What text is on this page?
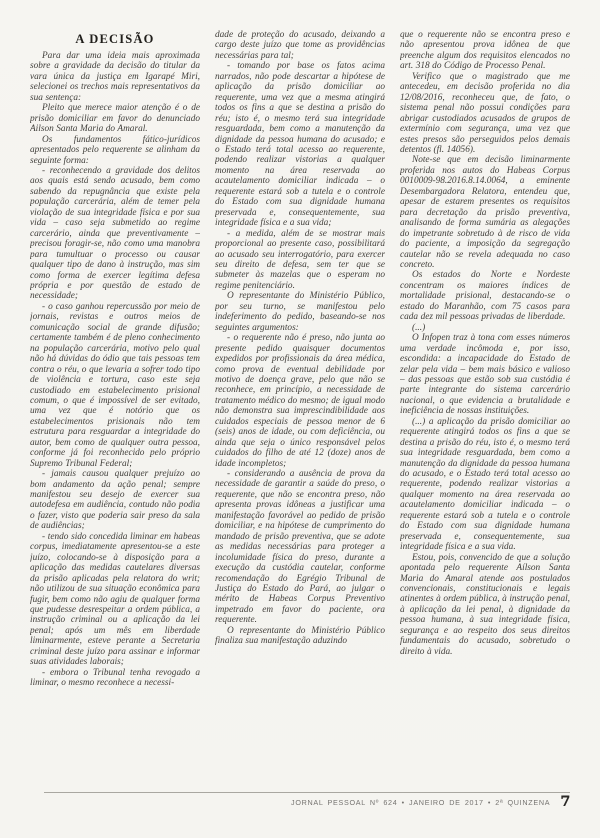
A DECISÃO

Para dar uma ideia mais aproximada sobre a gravidade da decisão do titular da vara única da justiça em Igarapé Miri, selecionei os trechos mais representativos da sua sentença:

Pleito que merece maior atenção é o de prisão domiciliar em favor do denunciado Ailson Santa Maria do Amaral.

Os fundamentos fático-jurídicos apresentados pelo requerente se alinham da seguinte forma:

- reconhecendo a gravidade dos delitos aos quais está sendo acusado, bem como sabendo da repugnância que existe pela população carcerária, além de temer pela violação de sua integridade física e por sua vida – caso seja submetido ao regime carcerário, ainda que preventivamente – precisou foragir-se, não como uma manobra para tumultuar o processo ou causar qualquer tipo de dano à instrução, mas sim como forma de exercer legítima defesa própria e por questão de estado de necessidade;

- o caso ganhou repercussão por meio de jornais, revistas e outros meios de comunicação social de grande difusão; certamente também é de pleno conhecimento na população carcerária, motivo pelo qual não há dúvidas do ódio que tais pessoas tem contra o réu, o que levaria a sofrer todo tipo de violência e tortura, caso este seja custodiado em estabelecimento prisional comum, o que é impossível de ser evitado, uma vez que é notório que os estabelecimentos prisionais não tem estrutura para resguardar a integridade do autor, bem como de qualquer outra pessoa, conforme já foi reconhecido pelo próprio Supremo Tribunal Federal;

- jamais causou qualquer prejuízo ao bom andamento da ação penal; sempre manifestou seu desejo de exercer sua autodefesa em audiência, contudo não podia o fazer, visto que poderia sair preso da sala de audiências;

- tendo sido concedida liminar em habeas corpus, imediatamente apresentou-se a este juízo, colocando-se à disposição para a aplicação das medidas cautelares diversas da prisão aplicadas pela relatora do writ; não utilizou de sua situação econômica para fugir, bem como não agiu de qualquer forma que pudesse desrespeitar a ordem pública, a instrução criminal ou a aplicação da lei penal; após um mês em liberdade liminarmente, esteve perante a Secretaria criminal deste juízo para assinar e informar suas atividades laborais;

- embora o Tribunal tenha revogado a liminar, o mesmo reconhece a necessi-

dade de proteção do acusado, deixando a cargo deste juízo que tome as providências necessárias para tal;

- tomando por base os fatos acima narrados, não pode descartar a hipótese de aplicação da prisão domiciliar ao requerente, uma vez que a mesma atingirá todos os fins a que se destina a prisão do réu; isto é, o mesmo terá sua integridade resguardada, bem como a manutenção da dignidade da pessoa humana do acusado; e o Estado terá total acesso ao requerente, podendo realizar vistorias a qualquer momento na área reservada ao acautelamento domiciliar indicada – o requerente estará sob a tutela e o controle do Estado com sua dignidade humana preservada e, consequentemente, sua integridade física e a sua vida;

- a medida, além de se mostrar mais proporcional ao presente caso, possibilitará ao acusado seu interrogatório, para exercer seu direito de defesa, sem ter que se submeter às mazelas que o esperam no regime penitenciário.

O representante do Ministério Público, por seu turno, se manifestou pelo indeferimento do pedido, baseando-se nos seguintes argumentos:

- o requerente não é preso, não junta ao presente pedido quaisquer documentos expedidos por profissionais da área médica, como prova de eventual debilidade por motivo de doença grave, pelo que não se reconhece, em princípio, a necessidade de tratamento médico do mesmo; de igual modo não demonstra sua imprescindibilidade aos cuidados especiais de pessoa menor de 6 (seis) anos de idade, ou com deficiência, ou ainda que seja o único responsável pelos cuidados do filho de até 12 (doze) anos de idade incompletos;

- considerando a ausência de prova da necessidade de garantir a saúde do preso, o requerente, que não se encontra preso, não apresenta provas idôneas a justificar uma manifestação favorável ao pedido de prisão domiciliar, e na hipótese de cumprimento do mandado de prisão preventiva, que se adote as medidas necessárias para proteger a incolumidade física do preso, durante a execução da custódia cautelar, conforme recomendação do Egrégio Tribunal de Justiça do Estado do Pará, ao julgar o mérito de Habeas Corpus Preventivo impetrado em favor do paciente, ora requerente.

O representante do Ministério Público finaliza sua manifestação aduzindo

que o requerente não se encontra preso e não apresentou prova idônea de que preenche algum dos requisitos elencados no art. 318 do Código de Processo Penal.

Verifico que o magistrado que me antecedeu, em decisão proferida no dia 12/08/2016, reconheceu que, de fato, o sistema penal não possui condições para abrigar custodiados acusados de grupos de extermínio com segurança, uma vez que estes presos são perseguidos pelos demais detentos (fl. 14056).

Note-se que em decisão liminarmente proferida nos autos do Habeas Corpus 0010009-98.2016.8.14.0064, a eminente Desembargadora Relatora, entendeu que, apesar de estarem presentes os requisitos para decretação da prisão preventiva, analisando de forma sumária as alegações do impetrante sobretudo à de risco de vida do paciente, a imposição da segregação cautelar não se revela adequada no caso concreto.

Os estados do Norte e Nordeste concentram os maiores índices de mortalidade prisional, destacando-se o estado do Maranhão, com 75 casos para cada dez mil pessoas privadas de liberdade.

(...)

O Infopen traz à tona com esses números uma verdade incômoda e, por isso, escondida: a incapacidade do Estado de zelar pela vida – bem mais básico e valioso – das pessoas que estão sob sua custódia é parte integrante do sistema carcerário nacional, o que evidencia a brutalidade e ineficiência de nossas instituições.

(...) a aplicação da prisão domiciliar ao requerente atingirá todos os fins a que se destina a prisão do réu, isto é, o mesmo terá sua integridade resguardada, bem como a manutenção da dignidade da pessoa humana do acusado, e o Estado terá total acesso ao requerente, podendo realizar vistorias a qualquer momento na área reservada ao acautelamento domiciliar indicada – o requerente estará sob a tutela e o controle do Estado com sua dignidade humana preservada e, consequentemente, sua integridade física e a sua vida.

Estou, pois, convencido de que a solução apontada pelo requerente Aílson Santa Maria do Amaral atende aos postulados convencionais, constitucionais e legais atinentes à ordem pública, à instrução penal, à aplicação da lei penal, à dignidade da pessoa humana, à sua integridade física, segurança e ao respeito dos seus direitos fundamentais do acusado, sobretudo o direito à vida.

JORNAL PESSOAL Nº 624 • JANEIRO DE 2017 • 2ª QUINZENA 7
